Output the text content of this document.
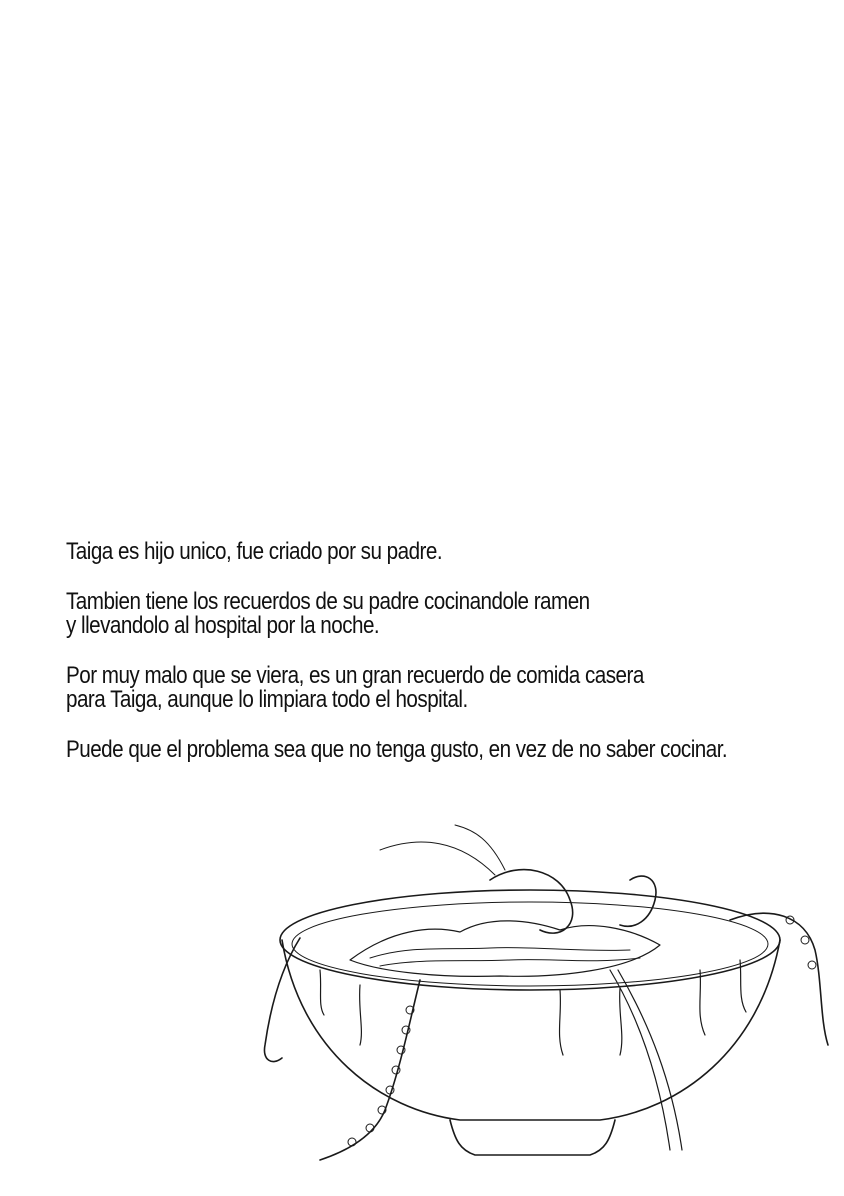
Taiga es hijo unico, fue criado por su padre.

Tambien tiene los recuerdos de su padre cocinandole ramen
y llevandolo al hospital por la noche.

Por muy malo que se viera, es un gran recuerdo de comida casera
para Taiga, aunque lo limpiara todo el hospital.

Puede que el problema sea que no tenga gusto, en vez de no saber cocinar.
